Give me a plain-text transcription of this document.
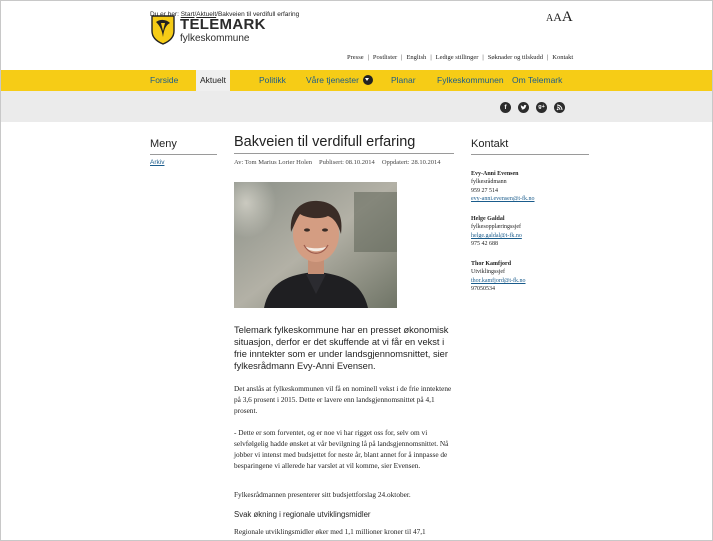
TELEMARK
fylkeskommune
AAA
Presse | Postlister | English | Ledige stillinger | Søknader og tilskudd | Kontakt
Forside	Aktuelt	Politikk Våre tjenester	Planar	Fylkeskommunen Om Telemark
Du er her: Start/Aktuelt/Bakveien til verdifull erfaring
f	g+
Meny
Arkiv
Bakveien til verdifull erfaring
Av: Tom Marius Lorier Holen Publisert: 08.10.2014 Oppdatert: 28.10.2014
Telemark fylkeskommune har en presset økonomisk situasjon, derfor er det skuffende at vi får en vekst i frie inntekter som er under landsgjennomsnittet, sier fylkesrådmann Evy-Anni Evensen.
Det anslås at fylkeskommunen vil få en nominell vekst i de frie inntektene på 3,6 prosent i 2015. Dette er lavere enn landsgjennomsnittet på 4,1 prosent.
- Dette er som forventet, og er noe vi har rigget oss for, selv om vi selvfølgelig hadde ønsket at vår bevilgning lå på landsgjennomsnittet. Nå jobber vi intenst med budsjettet for neste år, blant annet for å innpasse de besparingene vi allerede har varslet at vil komme, sier Evensen.
Fylkesrådmannen presenterer sitt budsjettforslag 24.oktober.
Svak økning i regionale utviklingsmidler
Regionale utviklingsmidler øker med 1,1 millioner kroner til 47,1
Kontakt
Evy-Anni Evensen
fylkesrådmann
959 27 514
evy-anni.evensen@t-fk.no
Helge Galdal
fylkesopplæringssjef
helge.galdal@t-fk.no
975 42 688
Thor Kamfjord
Utviklingssjef
thor.kamfjord@t-fk.no
97050534
